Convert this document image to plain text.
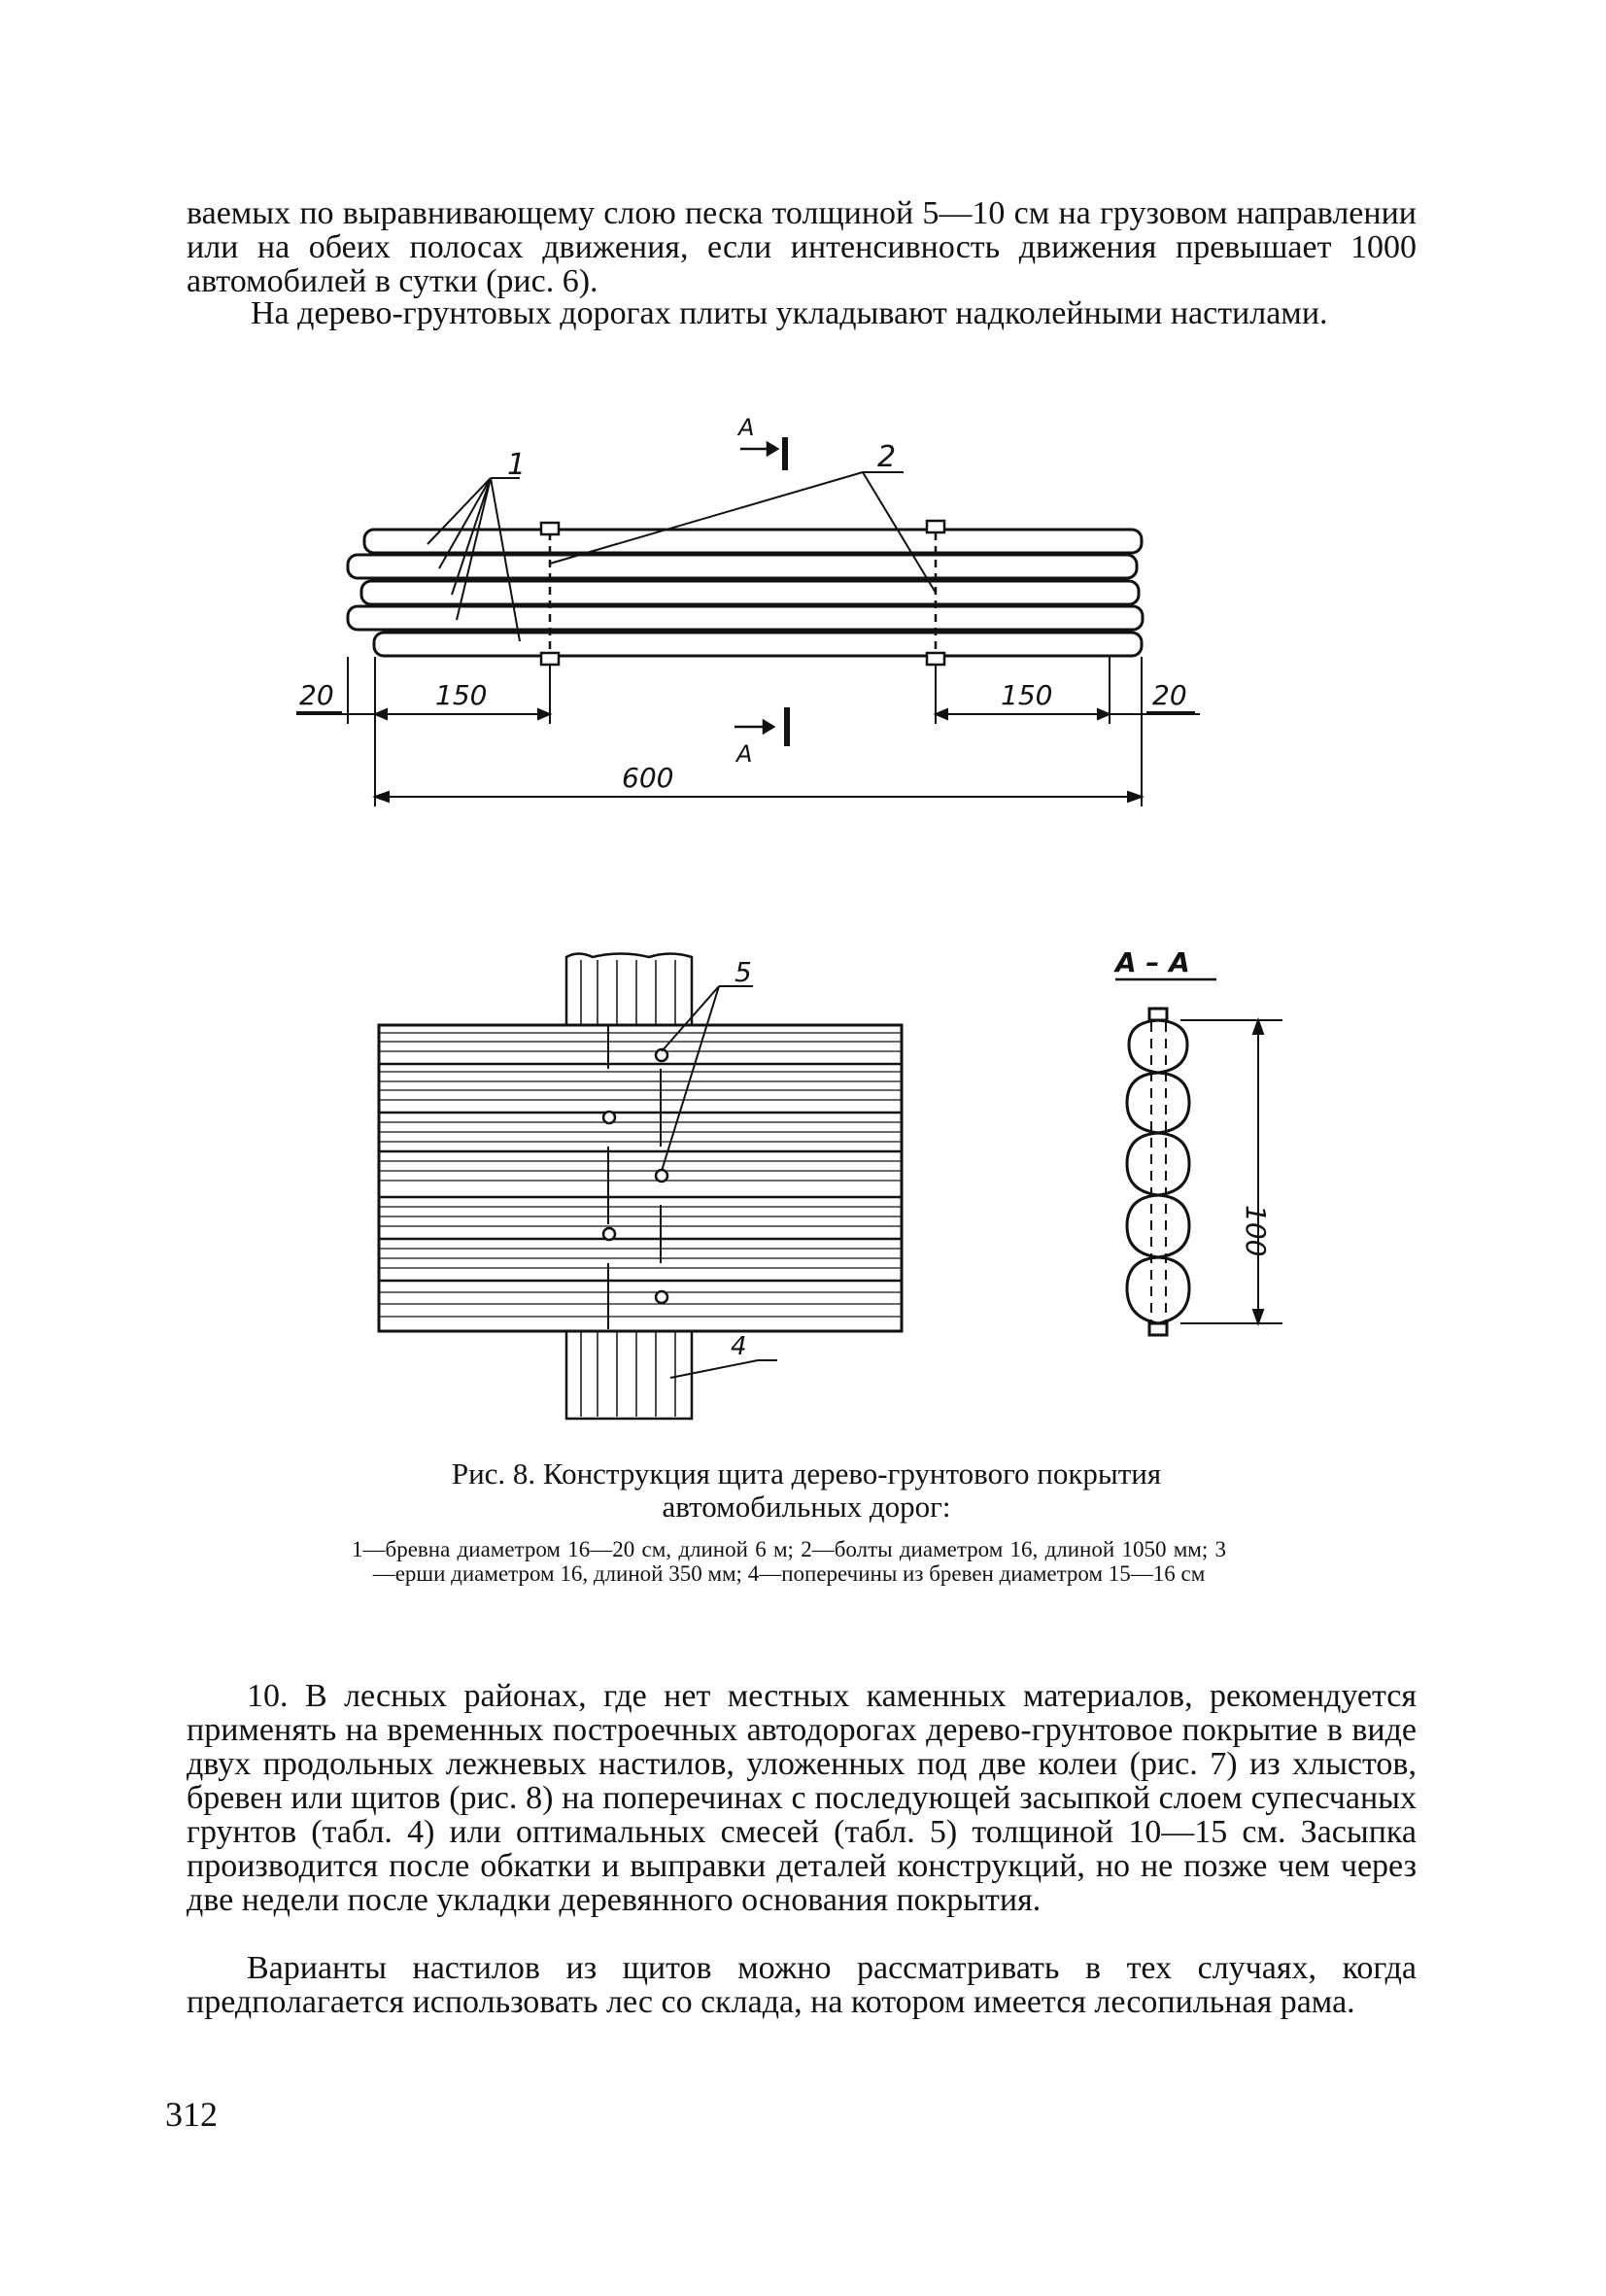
ваемых по выравнивающему слою песка толщиной 5—10 см на грузовом направлении или на обеих полосах движения, если интенсивность движения превышает 1000 автомобилей в сутки (рис. 6).
На дерево-грунтовых дорогах плиты укладывают надколейными настилами.
1	2
А
А
20	150	150	20
600
5
4
А – А
100
Рис. 8. Конструкция щита дерево-грунтового покрытия
автомобильных дорог:
1—бревна диаметром 16—20 см, длиной 6 м; 2—болты диаметром 16, длиной 1050 мм; 3—ерши диаметром 16, длиной 350 мм; 4—поперечины из бревен диаметром 15—16 см
10. В лесных районах, где нет местных каменных материалов, рекомендуется применять на временных построечных автодорогах дерево-грунтовое покрытие в виде двух продольных лежневых настилов, уложенных под две колеи (рис. 7) из хлыстов, бревен или щитов (рис. 8) на поперечинах с последующей засыпкой слоем супесчаных грунтов (табл. 4) или оптимальных смесей (табл. 5) толщиной 10—15 см. Засыпка производится после обкатки и выправки деталей конструкций, но не позже чем через две недели после укладки деревянного основания покрытия.
Варианты настилов из щитов можно рассматривать в тех случаях, когда предполагается использовать лес со склада, на котором имеется лесопильная рама.
312
